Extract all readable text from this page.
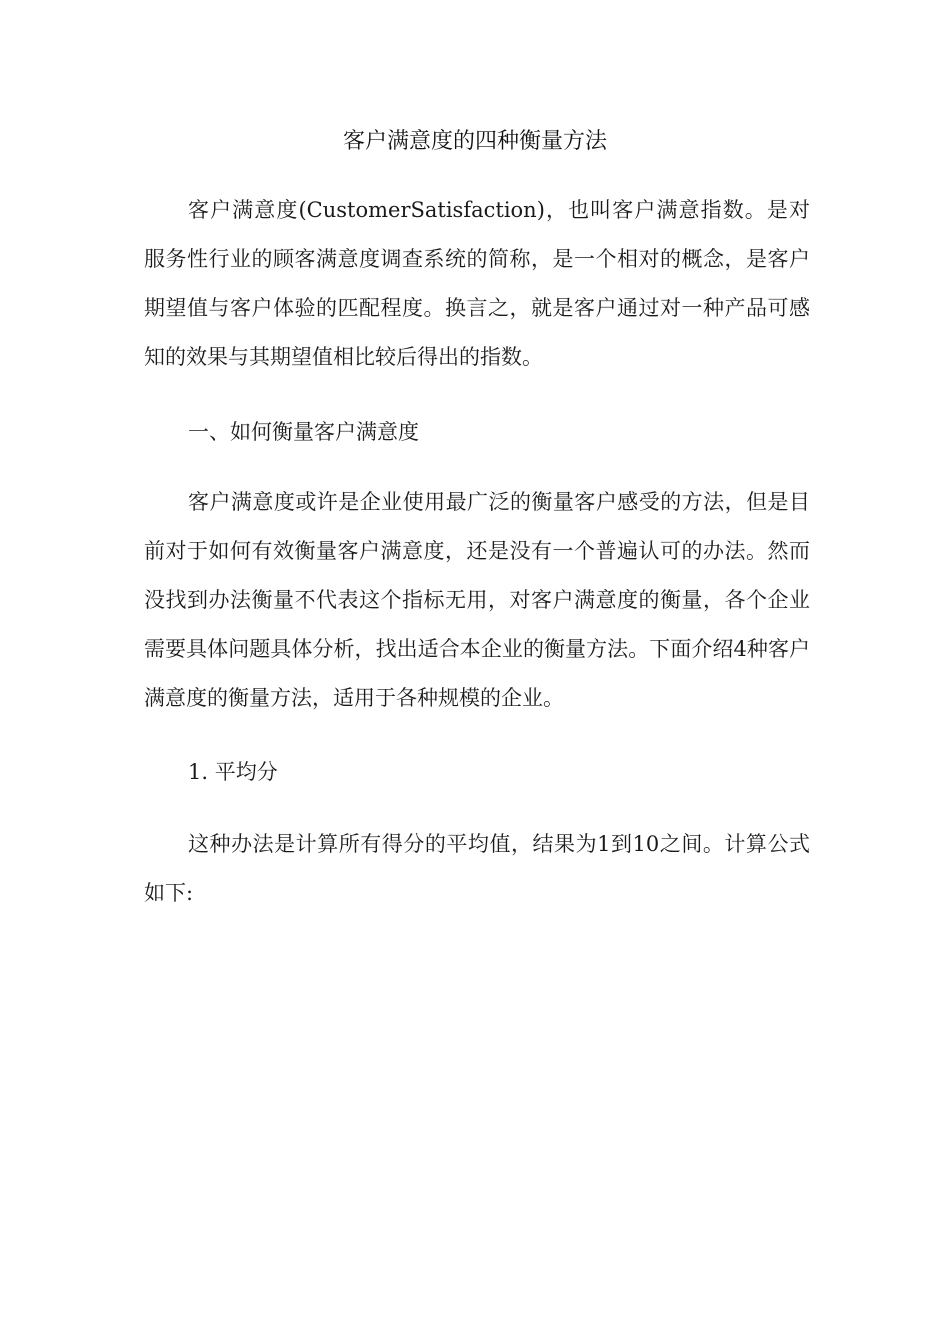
客户满意度的四种衡量方法

客户满意度(CustomerSatisfaction)，也叫客户满意指数。是对服务性行业的顾客满意度调查系统的简称，是一个相对的概念，是客户期望值与客户体验的匹配程度。换言之，就是客户通过对一种产品可感知的效果与其期望值相比较后得出的指数。

一、如何衡量客户满意度

客户满意度或许是企业使用最广泛的衡量客户感受的方法，但是目前对于如何有效衡量客户满意度，还是没有一个普遍认可的办法。然而没找到办法衡量不代表这个指标无用，对客户满意度的衡量，各个企业需要具体问题具体分析，找出适合本企业的衡量方法。下面介绍4种客户满意度的衡量方法，适用于各种规模的企业。

1. 平均分

这种办法是计算所有得分的平均值，结果为1到10之间。计算公式如下:
